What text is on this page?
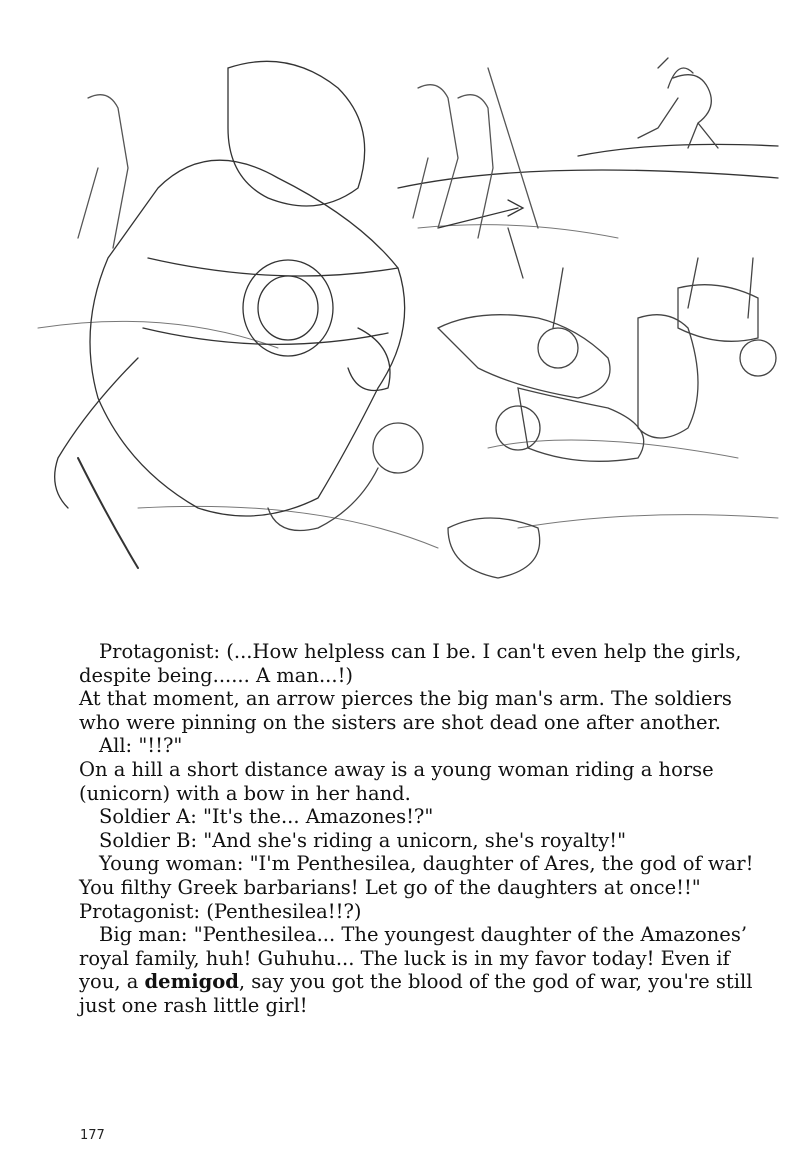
Protagonist: (...How helpless can I be. I can't even help the girls, despite being...... A man...!)

At that moment, an arrow pierces the big man's arm. The soldiers who were pinning on the sisters are shot dead one after another.

All: "!!?"

On a hill a short distance away is a young woman riding a horse (unicorn) with a bow in her hand.

Soldier A: "It's the... Amazones!?"

Soldier B: "And she's riding a unicorn, she's royalty!"

Young woman: "I'm Penthesilea, daughter of Ares, the god of war! You filthy Greek barbarians! Let go of the daughters at once!!"

Protagonist: (Penthesilea!!?)

Big man: "Penthesilea... The youngest daughter of the Amazones’ royal family, huh! Guhuhu... The luck is in my favor today! Even if you, a demigod, say you got the blood of the god of war, you're still just one rash little girl!

177
